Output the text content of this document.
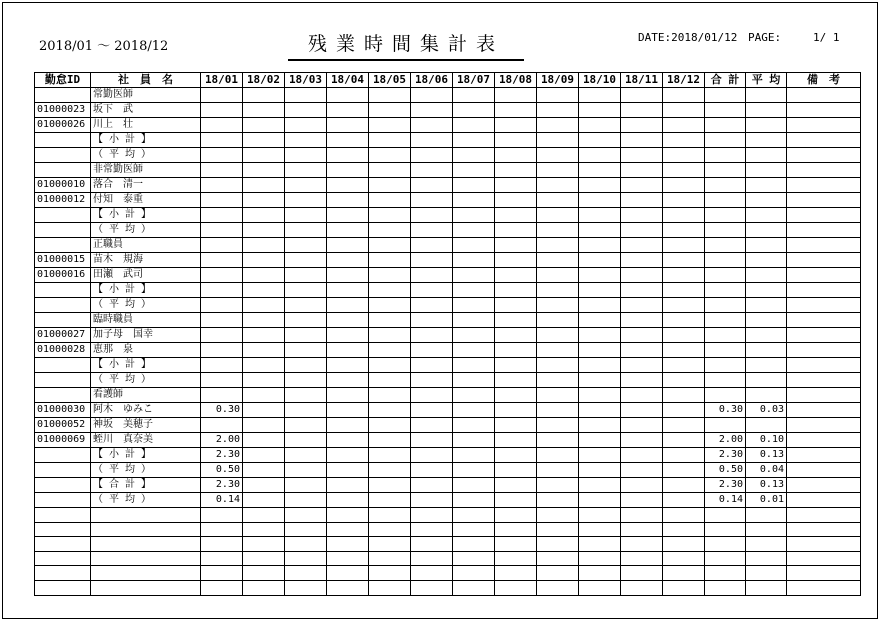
2018/01 ～ 2018/12	残業時間集計表	DATE:2018/01/12 PAGE:	1/ 1
勤怠ID	社　員　名	18/01	18/02	18/03	18/04	18/05	18/06	18/07	18/08	18/09	18/10	18/11	18/12	合 計	平 均	備　考
	常勤医師															
01000023	坂下　武															
01000026	川上　壮															
	【 小 計 】															
	（ 平 均 ）															
	非常勤医師															
01000010	落合　清一															
01000012	付知　泰重															
	【 小 計 】															
	（ 平 均 ）															
	正職員															
01000015	苗木　規海															
01000016	田瀬　武司															
	【 小 計 】															
	（ 平 均 ）															
	臨時職員															
01000027	加子母　国幸															
01000028	恵那　泉															
	【 小 計 】															
	（ 平 均 ）															
	看護師															
01000030	阿木　ゆみこ	0.30												0.30	0.03	
01000052	神坂　美穂子															
01000069	蛭川　真奈美	2.00												2.00	0.10	
	【 小 計 】	2.30												2.30	0.13	
	（ 平 均 ）	0.50												0.50	0.04	
	【 合 計 】	2.30												2.30	0.13	
	（ 平 均 ）	0.14												0.14	0.01	
